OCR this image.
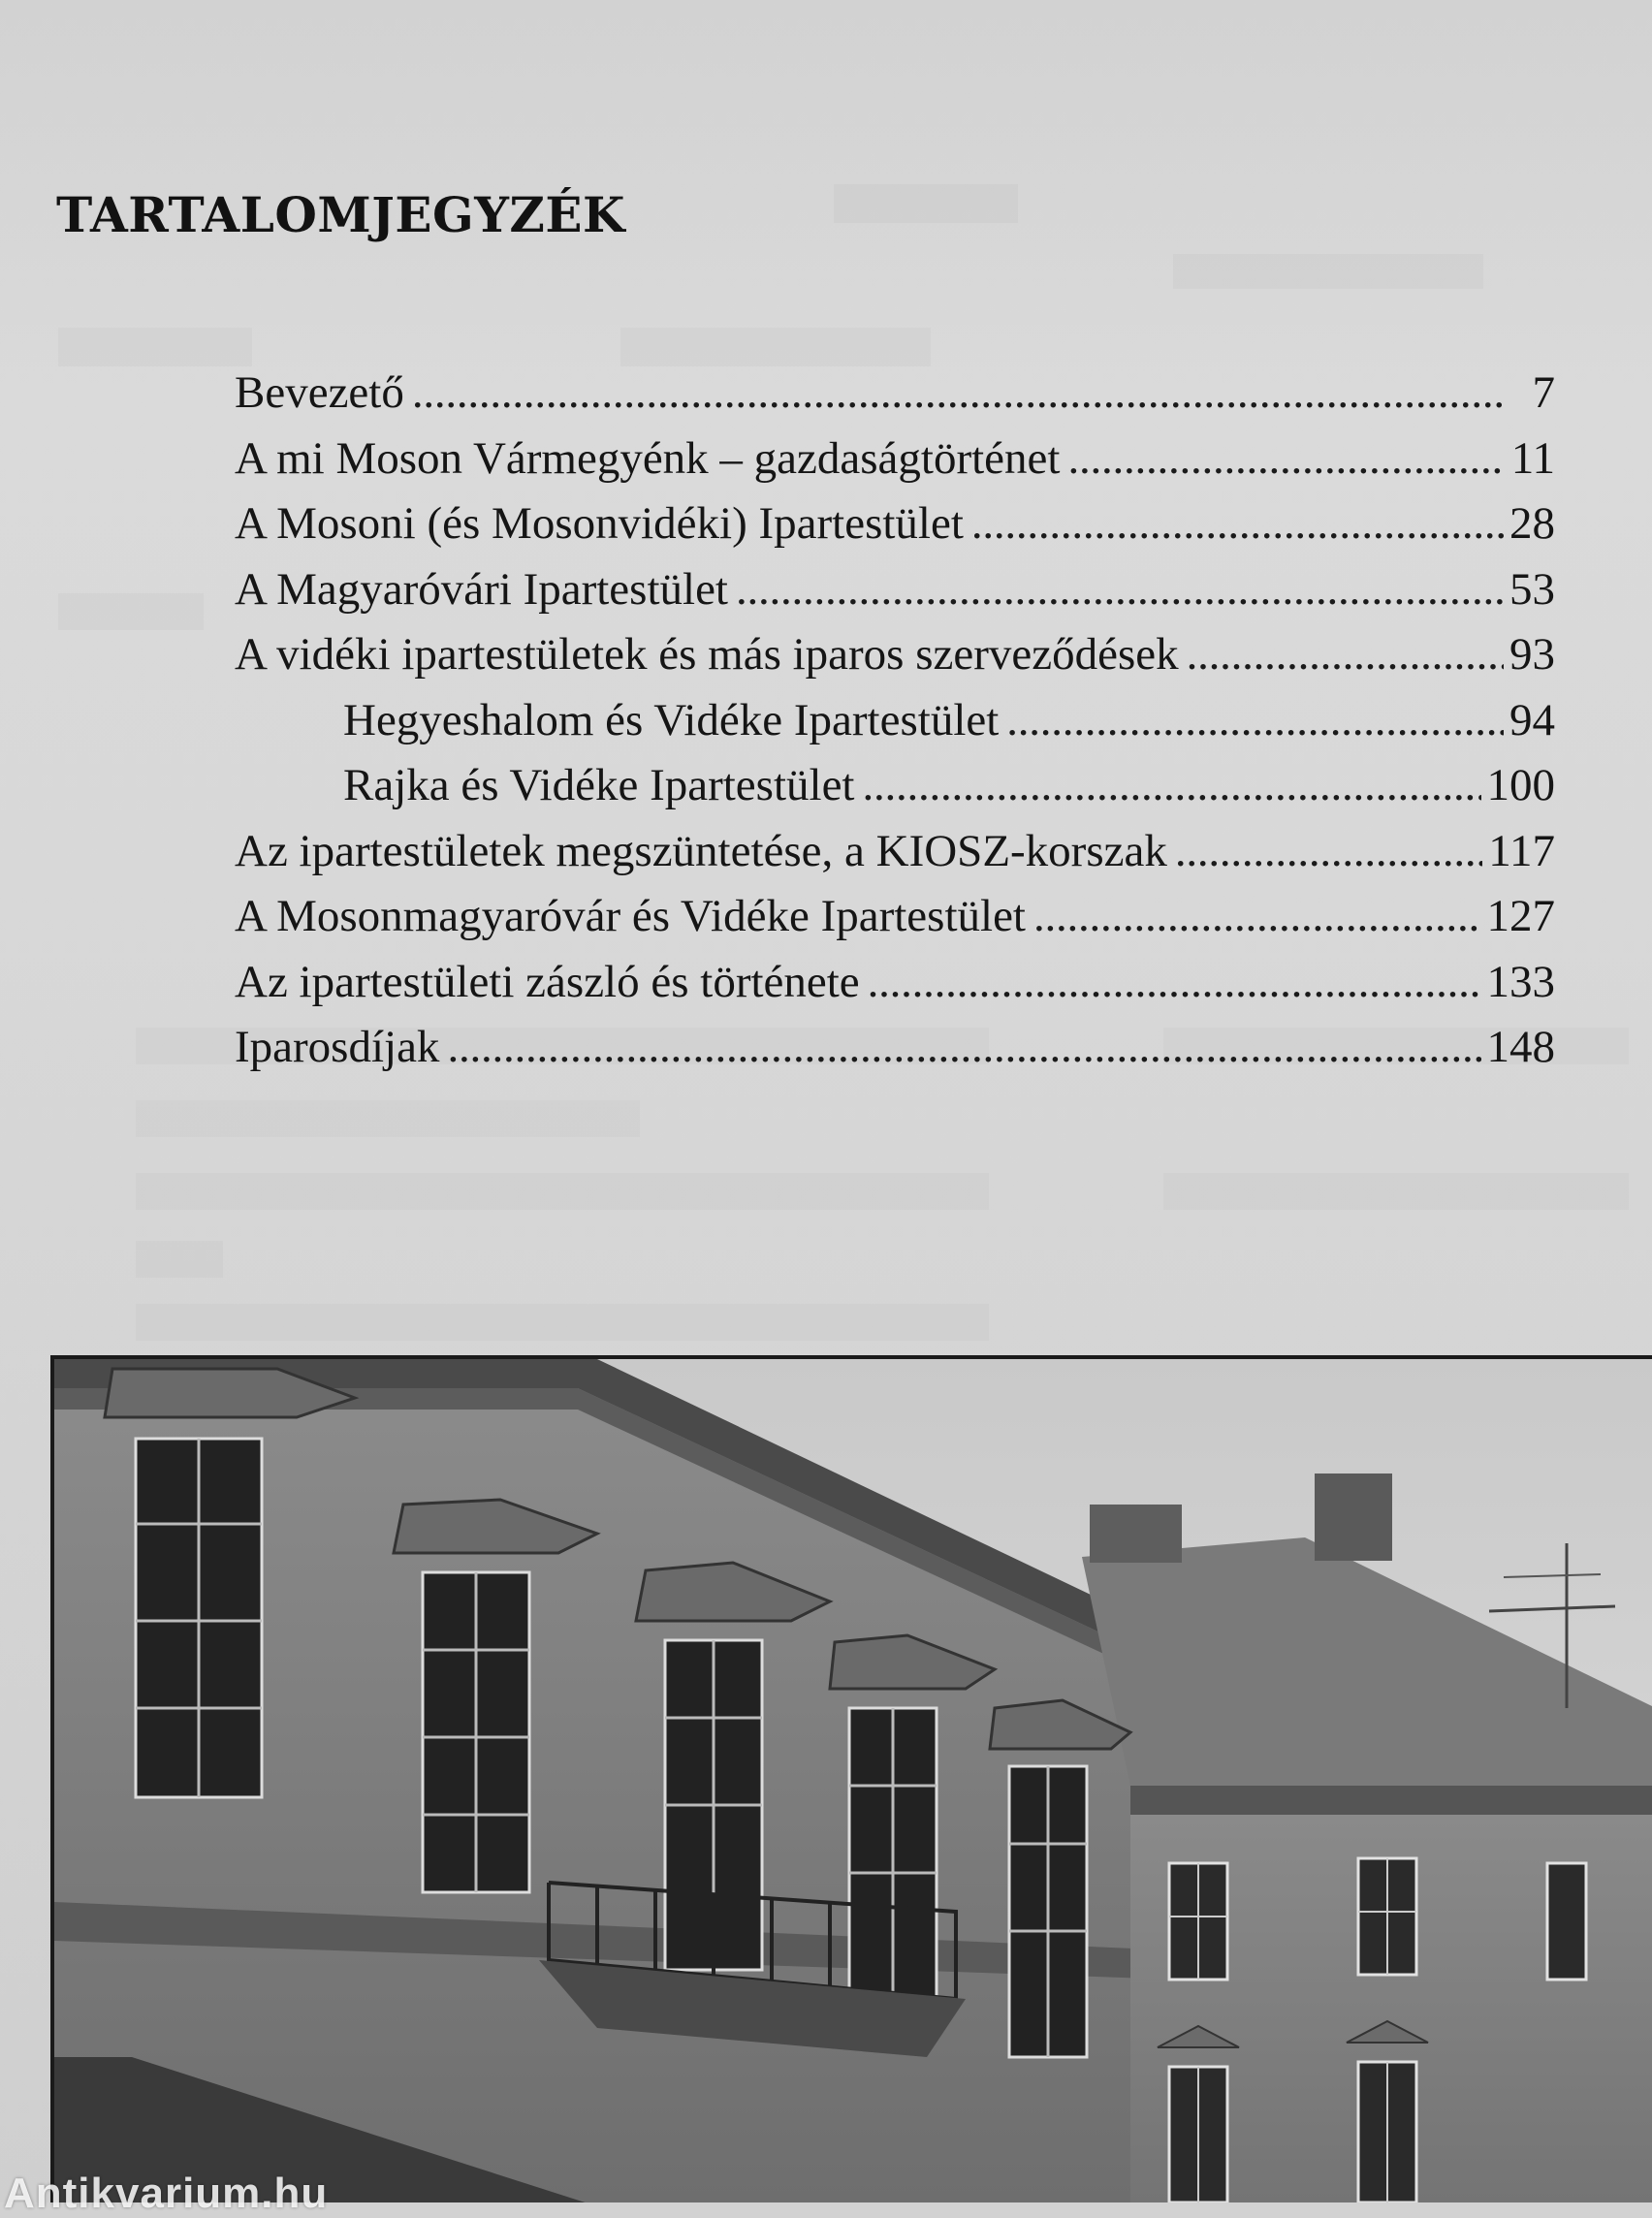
TARTALOMJEGYZÉK
Bevezető . . .	7
A mi Moson Vármegyénk – gazdaságtörténet . . .	11
A Mosoni (és Mosonvidéki) Ipartestület . . .	28
A Magyaróvári Ipartestület . . .	53
A vidéki ipartestületek és más iparos szerveződések . . .	93
Hegyeshalom és Vidéke Ipartestület . . .	94
Rajka és Vidéke Ipartestület . . .	100
Az ipartestületek megszüntetése, a KIOSZ-korszak . . .	117
A Mosonmagyaróvár és Vidéke Ipartestület . . .	127
Az ipartestületi zászló és története . . .	133
Iparosdíjak . . .	148
Antikvarium.hu
